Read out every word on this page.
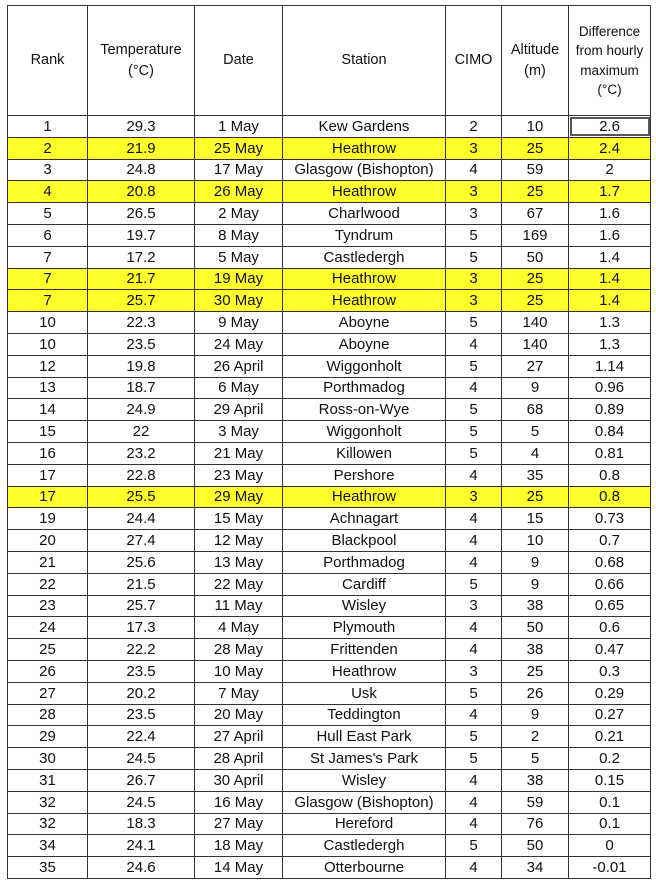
Rank	Temperature (°C)	Date	Station	CIMO	Altitude (m)	Difference from hourly maximum (°C)
1	29.3	1 May	Kew Gardens	2	10	2.6
2	21.9	25 May	Heathrow	3	25	2.4
3	24.8	17 May	Glasgow (Bishopton)	4	59	2
4	20.8	26 May	Heathrow	3	25	1.7
5	26.5	2 May	Charlwood	3	67	1.6
6	19.7	8 May	Tyndrum	5	169	1.6
7	17.2	5 May	Castledergh	5	50	1.4
7	21.7	19 May	Heathrow	3	25	1.4
7	25.7	30 May	Heathrow	3	25	1.4
10	22.3	9 May	Aboyne	5	140	1.3
10	23.5	24 May	Aboyne	4	140	1.3
12	19.8	26 April	Wiggonholt	5	27	1.14
13	18.7	6 May	Porthmadog	4	9	0.96
14	24.9	29 April	Ross-on-Wye	5	68	0.89
15	22	3 May	Wiggonholt	5	5	0.84
16	23.2	21 May	Killowen	5	4	0.81
17	22.8	23 May	Pershore	4	35	0.8
17	25.5	29 May	Heathrow	3	25	0.8
19	24.4	15 May	Achnagart	4	15	0.73
20	27.4	12 May	Blackpool	4	10	0.7
21	25.6	13 May	Porthmadog	4	9	0.68
22	21.5	22 May	Cardiff	5	9	0.66
23	25.7	11 May	Wisley	3	38	0.65
24	17.3	4 May	Plymouth	4	50	0.6
25	22.2	28 May	Frittenden	4	38	0.47
26	23.5	10 May	Heathrow	3	25	0.3
27	20.2	7 May	Usk	5	26	0.29
28	23.5	20 May	Teddington	4	9	0.27
29	22.4	27 April	Hull East Park	5	2	0.21
30	24.5	28 April	St James's Park	5	5	0.2
31	26.7	30 April	Wisley	4	38	0.15
32	24.5	16 May	Glasgow (Bishopton)	4	59	0.1
32	18.3	27 May	Hereford	4	76	0.1
34	24.1	18 May	Castledergh	5	50	0
35	24.6	14 May	Otterbourne	4	34	-0.01
